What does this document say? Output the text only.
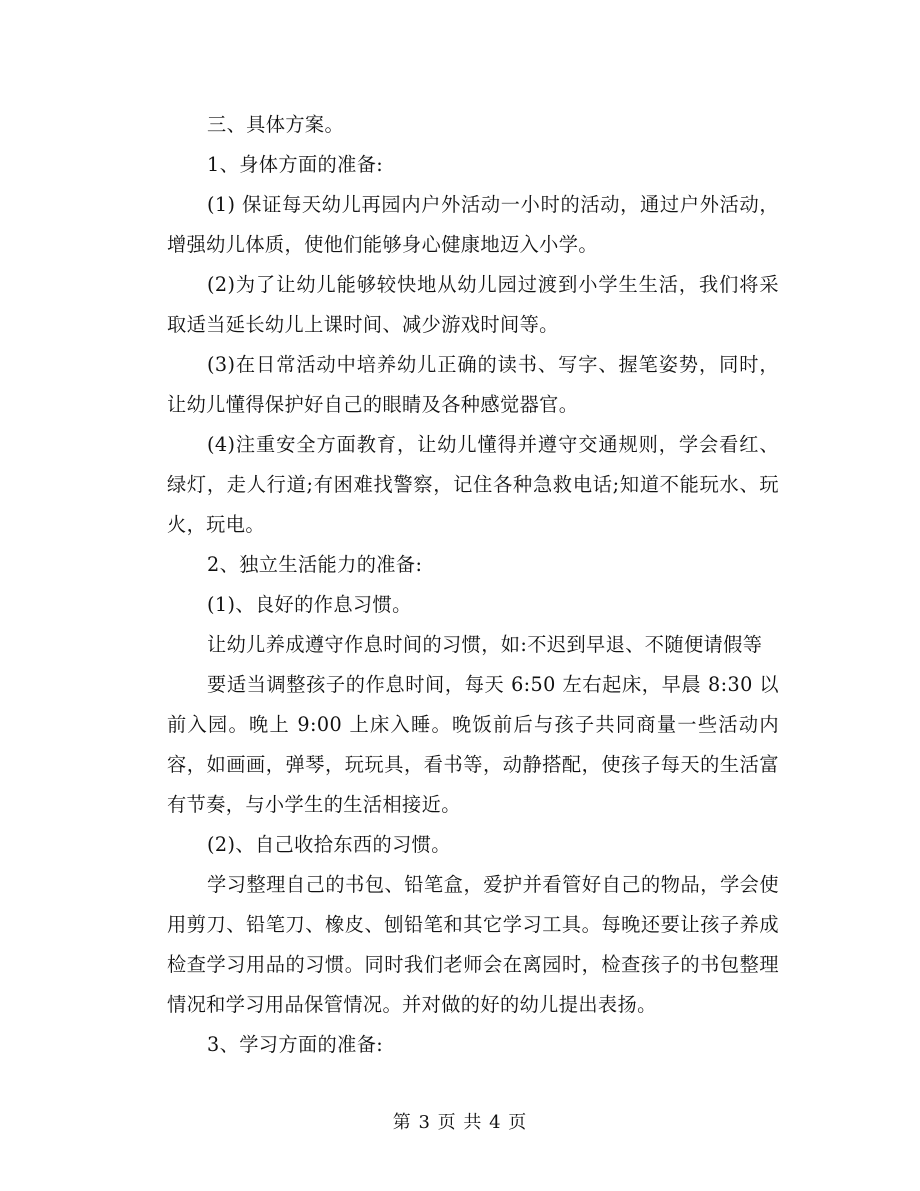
三、具体方案。

1、身体方面的准备:

(1) 保证每天幼儿再园内户外活动一小时的活动，通过户外活动，增强幼儿体质，使他们能够身心健康地迈入小学。

(2)为了让幼儿能够较快地从幼儿园过渡到小学生生活，我们将采取适当延长幼儿上课时间、减少游戏时间等。

(3)在日常活动中培养幼儿正确的读书、写字、握笔姿势，同时，让幼儿懂得保护好自己的眼睛及各种感觉器官。

(4)注重安全方面教育，让幼儿懂得并遵守交通规则，学会看红、绿灯，走人行道;有困难找警察，记住各种急救电话;知道不能玩水、玩火，玩电。

2、独立生活能力的准备:

(1)、良好的作息习惯。

让幼儿养成遵守作息时间的习惯，如:不迟到早退、不随便请假等

要适当调整孩子的作息时间，每天 6:50 左右起床，早晨 8:30 以前入园。晚上 9:00 上床入睡。晚饭前后与孩子共同商量一些活动内容，如画画，弹琴，玩玩具，看书等，动静搭配，使孩子每天的生活富有节奏，与小学生的生活相接近。

(2)、自己收拾东西的习惯。

学习整理自己的书包、铅笔盒，爱护并看管好自己的物品，学会使用剪刀、铅笔刀、橡皮、刨铅笔和其它学习工具。每晚还要让孩子养成检查学习用品的习惯。同时我们老师会在离园时，检查孩子的书包整理情况和学习用品保管情况。并对做的好的幼儿提出表扬。

3、学习方面的准备:

第 3 页 共 4 页
